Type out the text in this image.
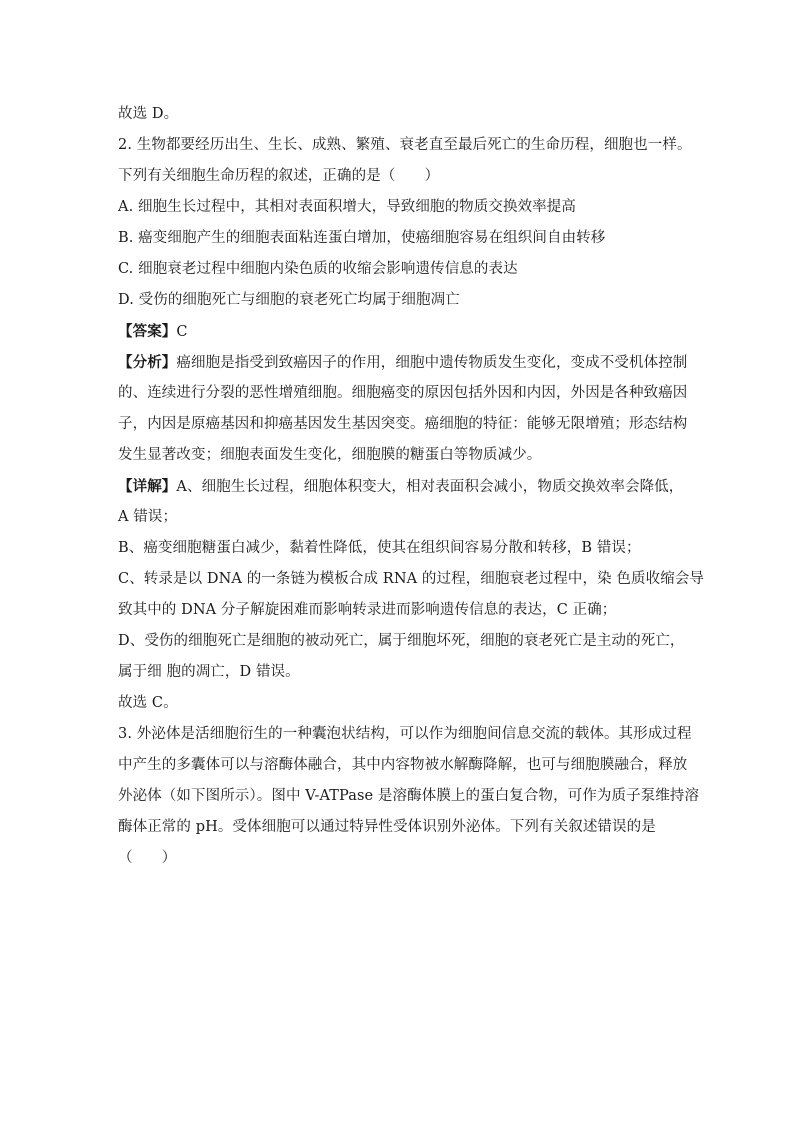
故选 D。
2. 生物都要经历出生、生长、成熟、繁殖、衰老直至最后死亡的生命历程，细胞也一样。
下列有关细胞生命历程的叙述，正确的是（　　）
A. 细胞生长过程中，其相对表面积增大，导致细胞的物质交换效率提高
B. 癌变细胞产生的细胞表面粘连蛋白增加，使癌细胞容易在组织间自由转移
C. 细胞衰老过程中细胞内染色质的收缩会影响遗传信息的表达
D. 受伤的细胞死亡与细胞的衰老死亡均属于细胞凋亡
【答案】C
【分析】癌细胞是指受到致癌因子的作用，细胞中遗传物质发生变化，变成不受机体控制
的、连续进行分裂的恶性增殖细胞。细胞癌变的原因包括外因和内因，外因是各种致癌因
子，内因是原癌基因和抑癌基因发生基因突变。癌细胞的特征：能够无限增殖；形态结构
发生显著改变；细胞表面发生变化，细胞膜的糖蛋白等物质减少。
【详解】A、细胞生长过程，细胞体积变大，相对表面积会减小，物质交换效率会降低，
A 错误；
B、癌变细胞糖蛋白减少，黏着性降低，使其在组织间容易分散和转移，B 错误；
C、转录是以 DNA 的一条链为模板合成 RNA 的过程，细胞衰老过程中，染 色质收缩会导
致其中的 DNA 分子解旋困难而影响转录进而影响遗传信息的表达，C 正确；
D、受伤的细胞死亡是细胞的被动死亡，属于细胞坏死，细胞的衰老死亡是主动的死亡，
属于细 胞的凋亡，D 错误。
故选 C。
3. 外泌体是活细胞衍生的一种囊泡状结构，可以作为细胞间信息交流的载体。其形成过程
中产生的多囊体可以与溶酶体融合，其中内容物被水解酶降解，也可与细胞膜融合，释放
外泌体（如下图所示）。图中 V-ATPase 是溶酶体膜上的蛋白复合物，可作为质子泵维持溶
酶体正常的 pH。受体细胞可以通过特异性受体识别外泌体。下列有关叙述错误的是
（　　）
